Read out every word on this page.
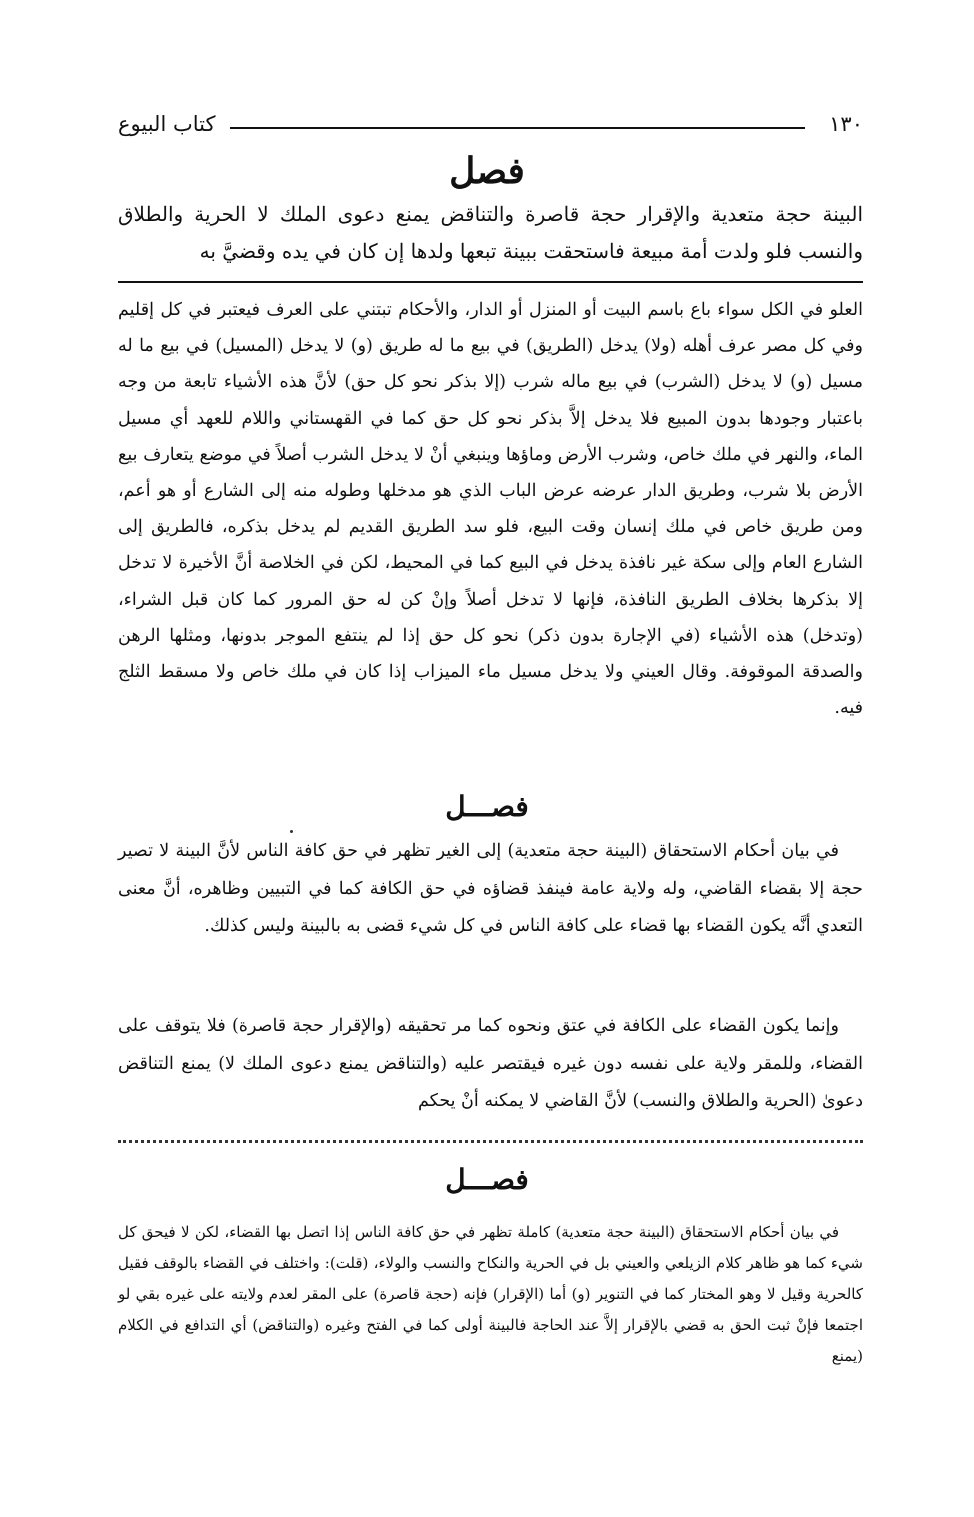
١٣٠
كتاب البيوع
فصل

البينة حجة متعدية والإقرار حجة قاصرة والتناقض يمنع دعوى الملك لا الحرية والطلاق والنسب فلو ولدت أمة مبيعة فاستحقت ببينة تبعها ولدها إن كان في يده وقضيَّ به

العلو في الكل سواء باع باسم البيت أو المنزل أو الدار، والأحكام تبتني على العرف فيعتبر في كل إقليم وفي كل مصر عرف أهله (ولا) يدخل (الطريق) في بيع ما له طريق (و) لا يدخل (المسيل) في بيع ما له مسيل (و) لا يدخل (الشرب) في بيع ماله شرب (إلا بذكر نحو كل حق) لأنَّ هذه الأشياء تابعة من وجه باعتبار وجودها بدون المبيع فلا يدخل إلاَّ بذكر نحو كل حق كما في القهستاني واللام للعهد أي مسيل الماء، والنهر في ملك خاص، وشرب الأرض وماؤها وينبغي أنْ لا يدخل الشرب أصلاً في موضع يتعارف بيع الأرض بلا شرب، وطريق الدار عرضه عرض الباب الذي هو مدخلها وطوله منه إلى الشارع أو هو أعم، ومن طريق خاص في ملك إنسان وقت البيع، فلو سد الطريق القديم لم يدخل بذكره، فالطريق إلى الشارع العام وإلى سكة غير نافذة يدخل في البيع كما في المحيط، لكن في الخلاصة أنَّ الأخيرة لا تدخل إلا بذكرها بخلاف الطريق النافذة، فإنها لا تدخل أصلاً وإنْ كن له حق المرور كما كان قبل الشراء، (وتدخل) هذه الأشياء (في الإجارة بدون ذكر) نحو كل حق إذا لم ينتفع الموجر بدونها، ومثلها الرهن والصدقة الموقوفة. وقال العيني ولا يدخل مسيل ماء الميزاب إذا كان في ملك خاص ولا مسقط الثلج فيه.

فصـــل

في بيان أحكام الاستحقاق (البينة حجة متعدية) إلى الغير تظهر في حق كافة الناس لأنَّ البينة لا تصير حجة إلا بقضاء القاضي، وله ولاية عامة فينفذ قضاؤه في حق الكافة كما في التبيين وظاهره، أنَّ معنى التعدي أنَّه يكون القضاء بها قضاء على كافة الناس في كل شيء قضى به بالبينة وليس كذلك.

وإنما يكون القضاء على الكافة في عتق ونحوه كما مر تحقيقه (والإقرار حجة قاصرة) فلا يتوقف على القضاء، وللمقر ولاية على نفسه دون غيره فيقتصر عليه (والتناقض يمنع دعوى الملك لا) يمنع التناقض دعوىٰ (الحرية والطلاق والنسب) لأنَّ القاضي لا يمكنه أنْ يحكم

فصـــل

في بيان أحكام الاستحقاق (البينة حجة متعدية) كاملة تظهر في حق كافة الناس إذا اتصل بها القضاء، لكن لا فيحق كل شيء كما هو ظاهر كلام الزيلعي والعيني بل في الحرية والنكاح والنسب والولاء، (قلت): واختلف في القضاء بالوقف فقيل كالحرية وقيل لا وهو المختار كما في التنوير (و) أما (الإقرار) فإنه (حجة قاصرة) على المقر لعدم ولايته على غيره بقي لو اجتمعا فإنْ ثبت الحق به قضي بالإقرار إلاَّ عند الحاجة فالبينة أولى كما في الفتح وغيره (والتناقض) أي التدافع في الكلام (يمنع
